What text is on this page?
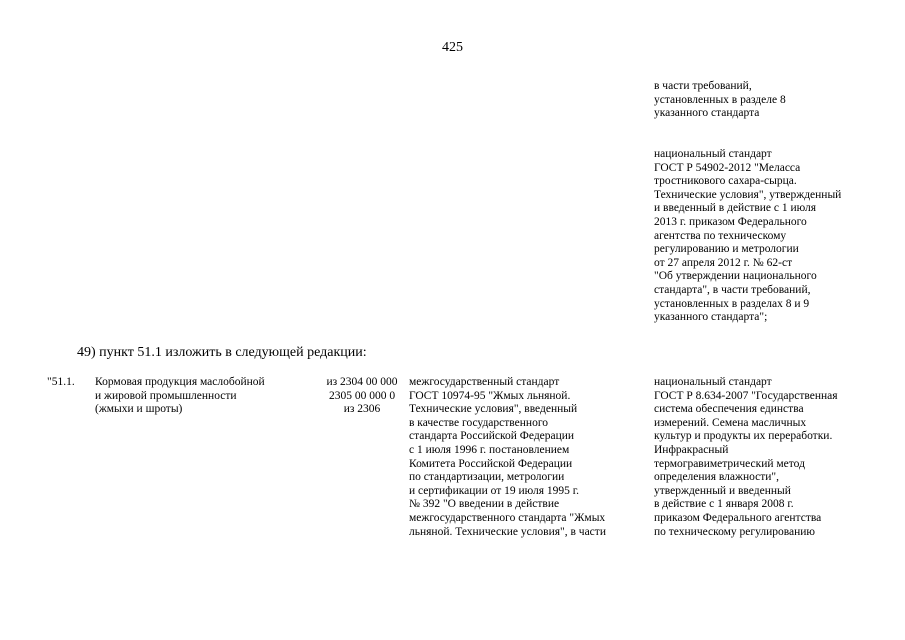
425
в части требований,
установленных в разделе 8
указанного стандарта
национальный стандарт
ГОСТ Р 54902-2012 "Меласса
тростникового сахара-сырца.
Технические условия", утвержденный
и введенный в действие с 1 июля
2013 г. приказом Федерального
агентства по техническому
регулированию и метрологии
от 27 апреля 2012 г. № 62-ст
"Об утверждении национального
стандарта", в части требований,
установленных в разделах 8 и 9
указанного стандарта";
49) пункт 51.1 изложить в следующей редакции:
"51.1. Кормовая продукция маслобойной
и жировой промышленности
(жмыхи и шроты)
из 2304 00 000
2305 00 000 0
из 2306
межгосударственный стандарт
ГОСТ 10974-95 "Жмых льняной.
Технические условия", введенный
в качестве государственного
стандарта Российской Федерации
с 1 июля 1996 г. постановлением
Комитета Российской Федерации
по стандартизации, метрологии
и сертификации от 19 июля 1995 г.
№ 392 "О введении в действие
межгосударственного стандарта "Жмых
льняной. Технические условия", в части
национальный стандарт
ГОСТ Р 8.634-2007 "Государственная
система обеспечения единства
измерений. Семена масличных
культур и продукты их переработки.
Инфракрасный
термогравиметрический метод
определения влажности",
утвержденный и введенный
в действие с 1 января 2008 г.
приказом Федерального агентства
по техническому регулированию
